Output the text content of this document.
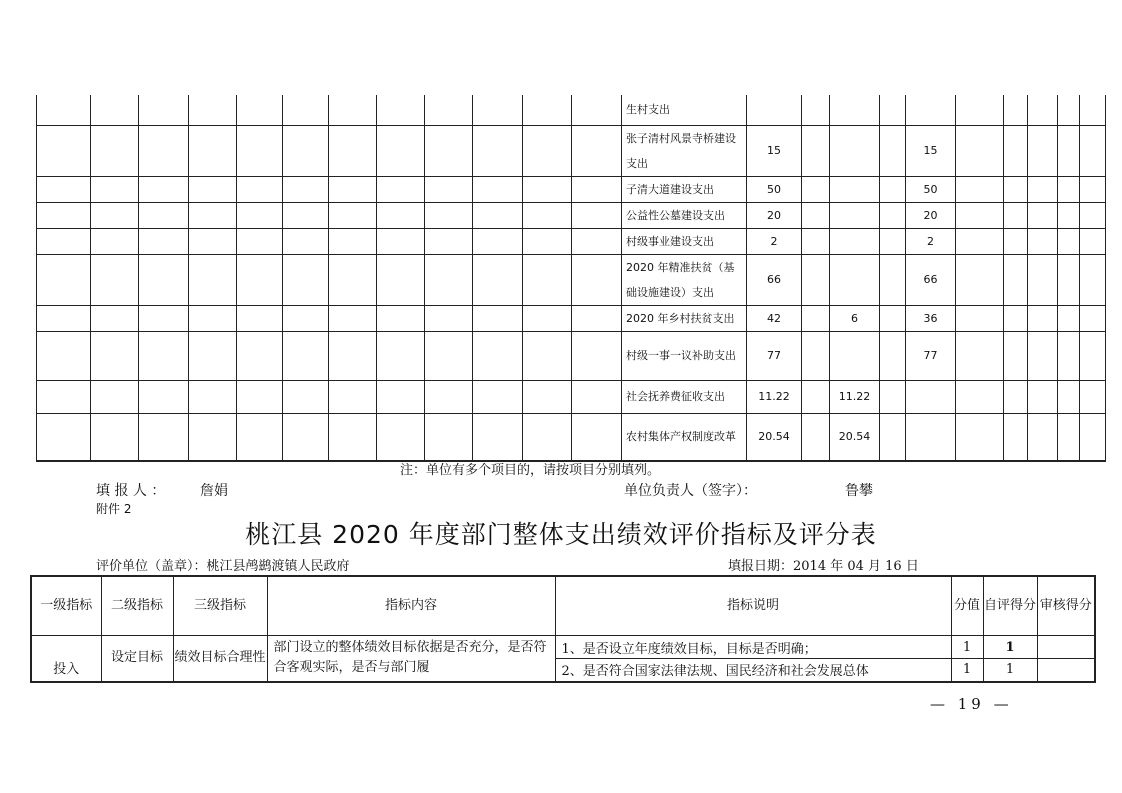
												生村支出										
												张子清村风景寺桥建设支出	15				15					
												子清大道建设支出	50				50					
												公益性公墓建设支出	20				20					
												村级事业建设支出	2				2					
												2020 年精准扶贫（基础设施建设）支出	66				66					
												2020 年乡村扶贫支出	42		6		36					
												村级一事一议补助支出	77				77					
												社会抚养费征收支出	11.22		11.22							
												农村集体产权制度改革	20.54		20.54							
注：单位有多个项目的，请按项目分别填列。
填 报 人 ： 詹娟	单位负责人（签字）：	鲁攀
附件 2
桃江县 2020 年度部门整体支出绩效评价指标及评分表
评价单位（盖章）：桃江县鸬鹚渡镇人民政府	填报日期：2014 年 04 月 16 日
一级指标	二级指标	三级指标	指标内容	指标说明	分值	自评得分	审核得分
投入	设定目标	绩效目标合理性	部门设立的整体绩效目标依据是否充分，是否符合客观实际，是否与部门履	1、是否设立年度绩效目标，目标是否明确；	1	1	
				2、是否符合国家法律法规、国民经济和社会发展总体	1	1	
— 19 —
